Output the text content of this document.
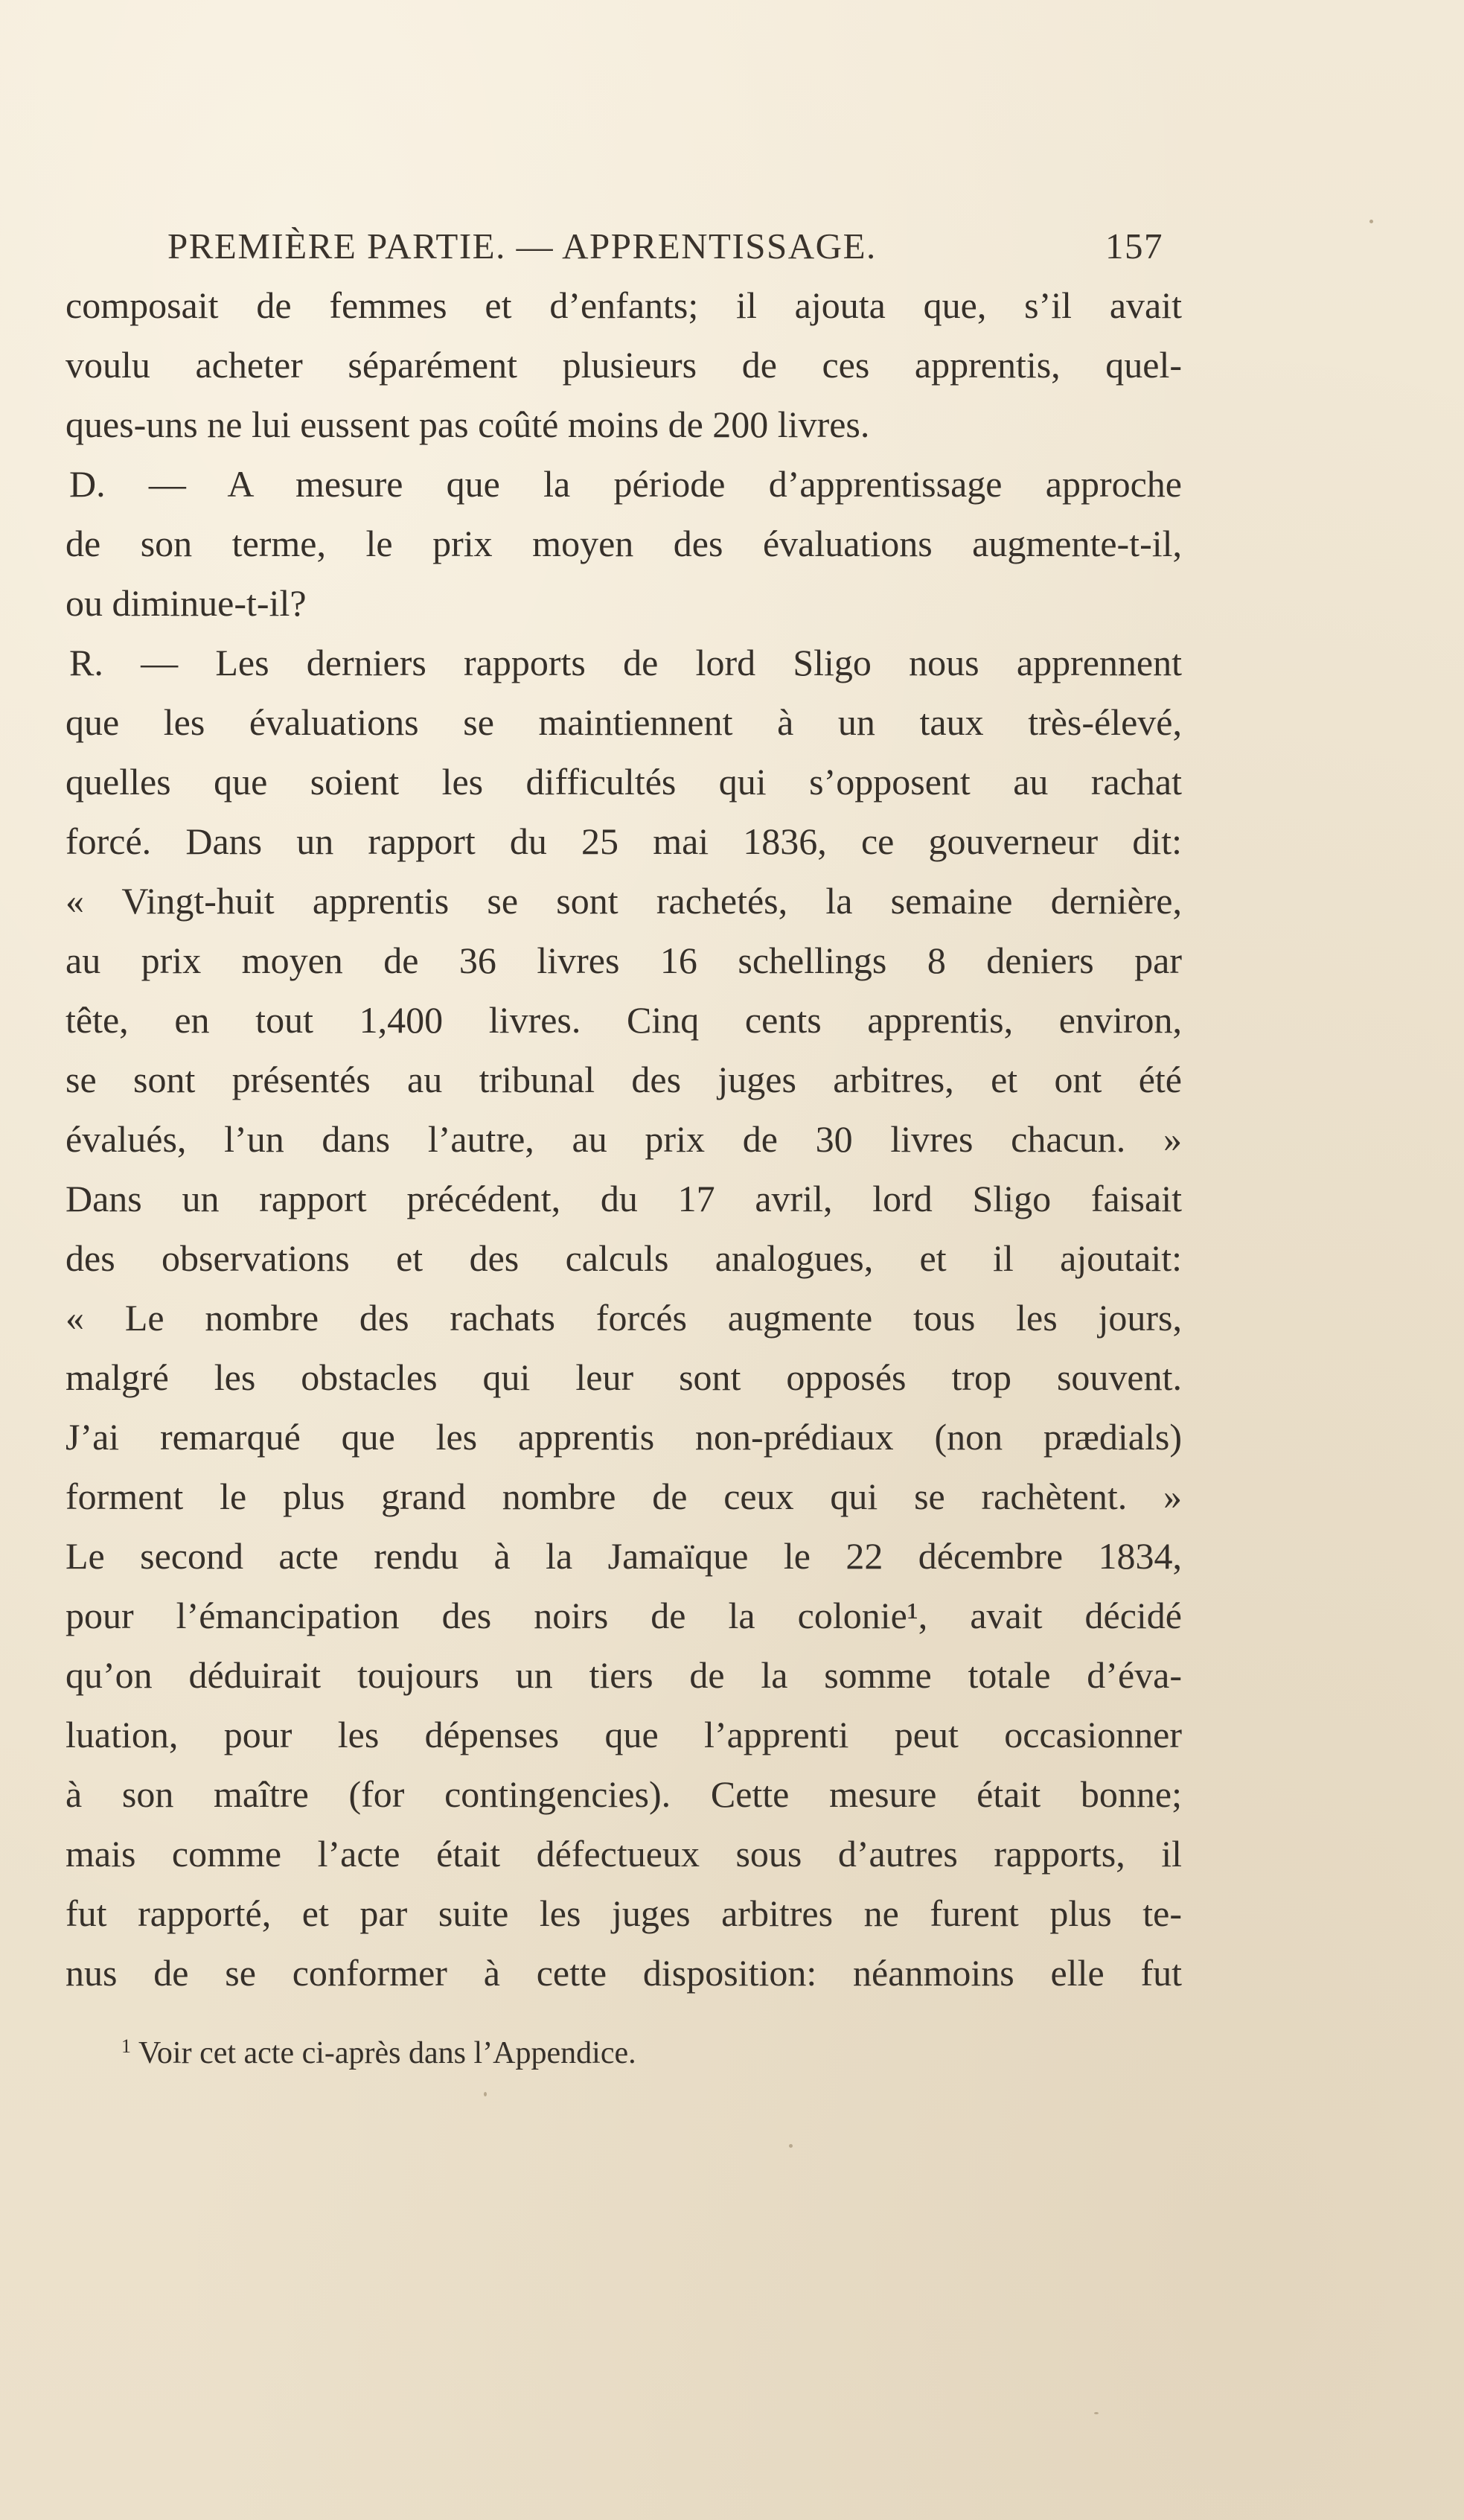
PREMIÈRE PARTIE. — APPRENTISSAGE.	157
composait de femmes et d’enfants; il ajouta que, s’il avait
voulu acheter séparément plusieurs de ces apprentis, quel-
ques-uns ne lui eussent pas coûté moins de 200 livres.
D. — A mesure que la période d’apprentissage approche
de son terme, le prix moyen des évaluations augmente-t-il,
ou diminue-t-il?
R. — Les derniers rapports de lord Sligo nous apprennent
que les évaluations se maintiennent à un taux très-élevé,
quelles que soient les difficultés qui s’opposent au rachat
forcé. Dans un rapport du 25 mai 1836, ce gouverneur dit:
« Vingt-huit apprentis se sont rachetés, la semaine dernière,
au prix moyen de 36 livres 16 schellings 8 deniers par
tête, en tout 1,400 livres. Cinq cents apprentis, environ,
se sont présentés au tribunal des juges arbitres, et ont été
évalués, l’un dans l’autre, au prix de 30 livres chacun. »
Dans un rapport précédent, du 17 avril, lord Sligo faisait
des observations et des calculs analogues, et il ajoutait:
« Le nombre des rachats forcés augmente tous les jours,
malgré les obstacles qui leur sont opposés trop souvent.
J’ai remarqué que les apprentis non-prédiaux (non prædials)
forment le plus grand nombre de ceux qui se rachètent. »
Le second acte rendu à la Jamaïque le 22 décembre 1834,
pour l’émancipation des noirs de la colonie¹, avait décidé
qu’on déduirait toujours un tiers de la somme totale d’éva-
luation, pour les dépenses que l’apprenti peut occasionner
à son maître (for contingencies). Cette mesure était bonne;
mais comme l’acte était défectueux sous d’autres rapports, il
fut rapporté, et par suite les juges arbitres ne furent plus te-
nus de se conformer à cette disposition: néanmoins elle fut
$^1$ Voir cet acte ci-après dans l’Appendice.
